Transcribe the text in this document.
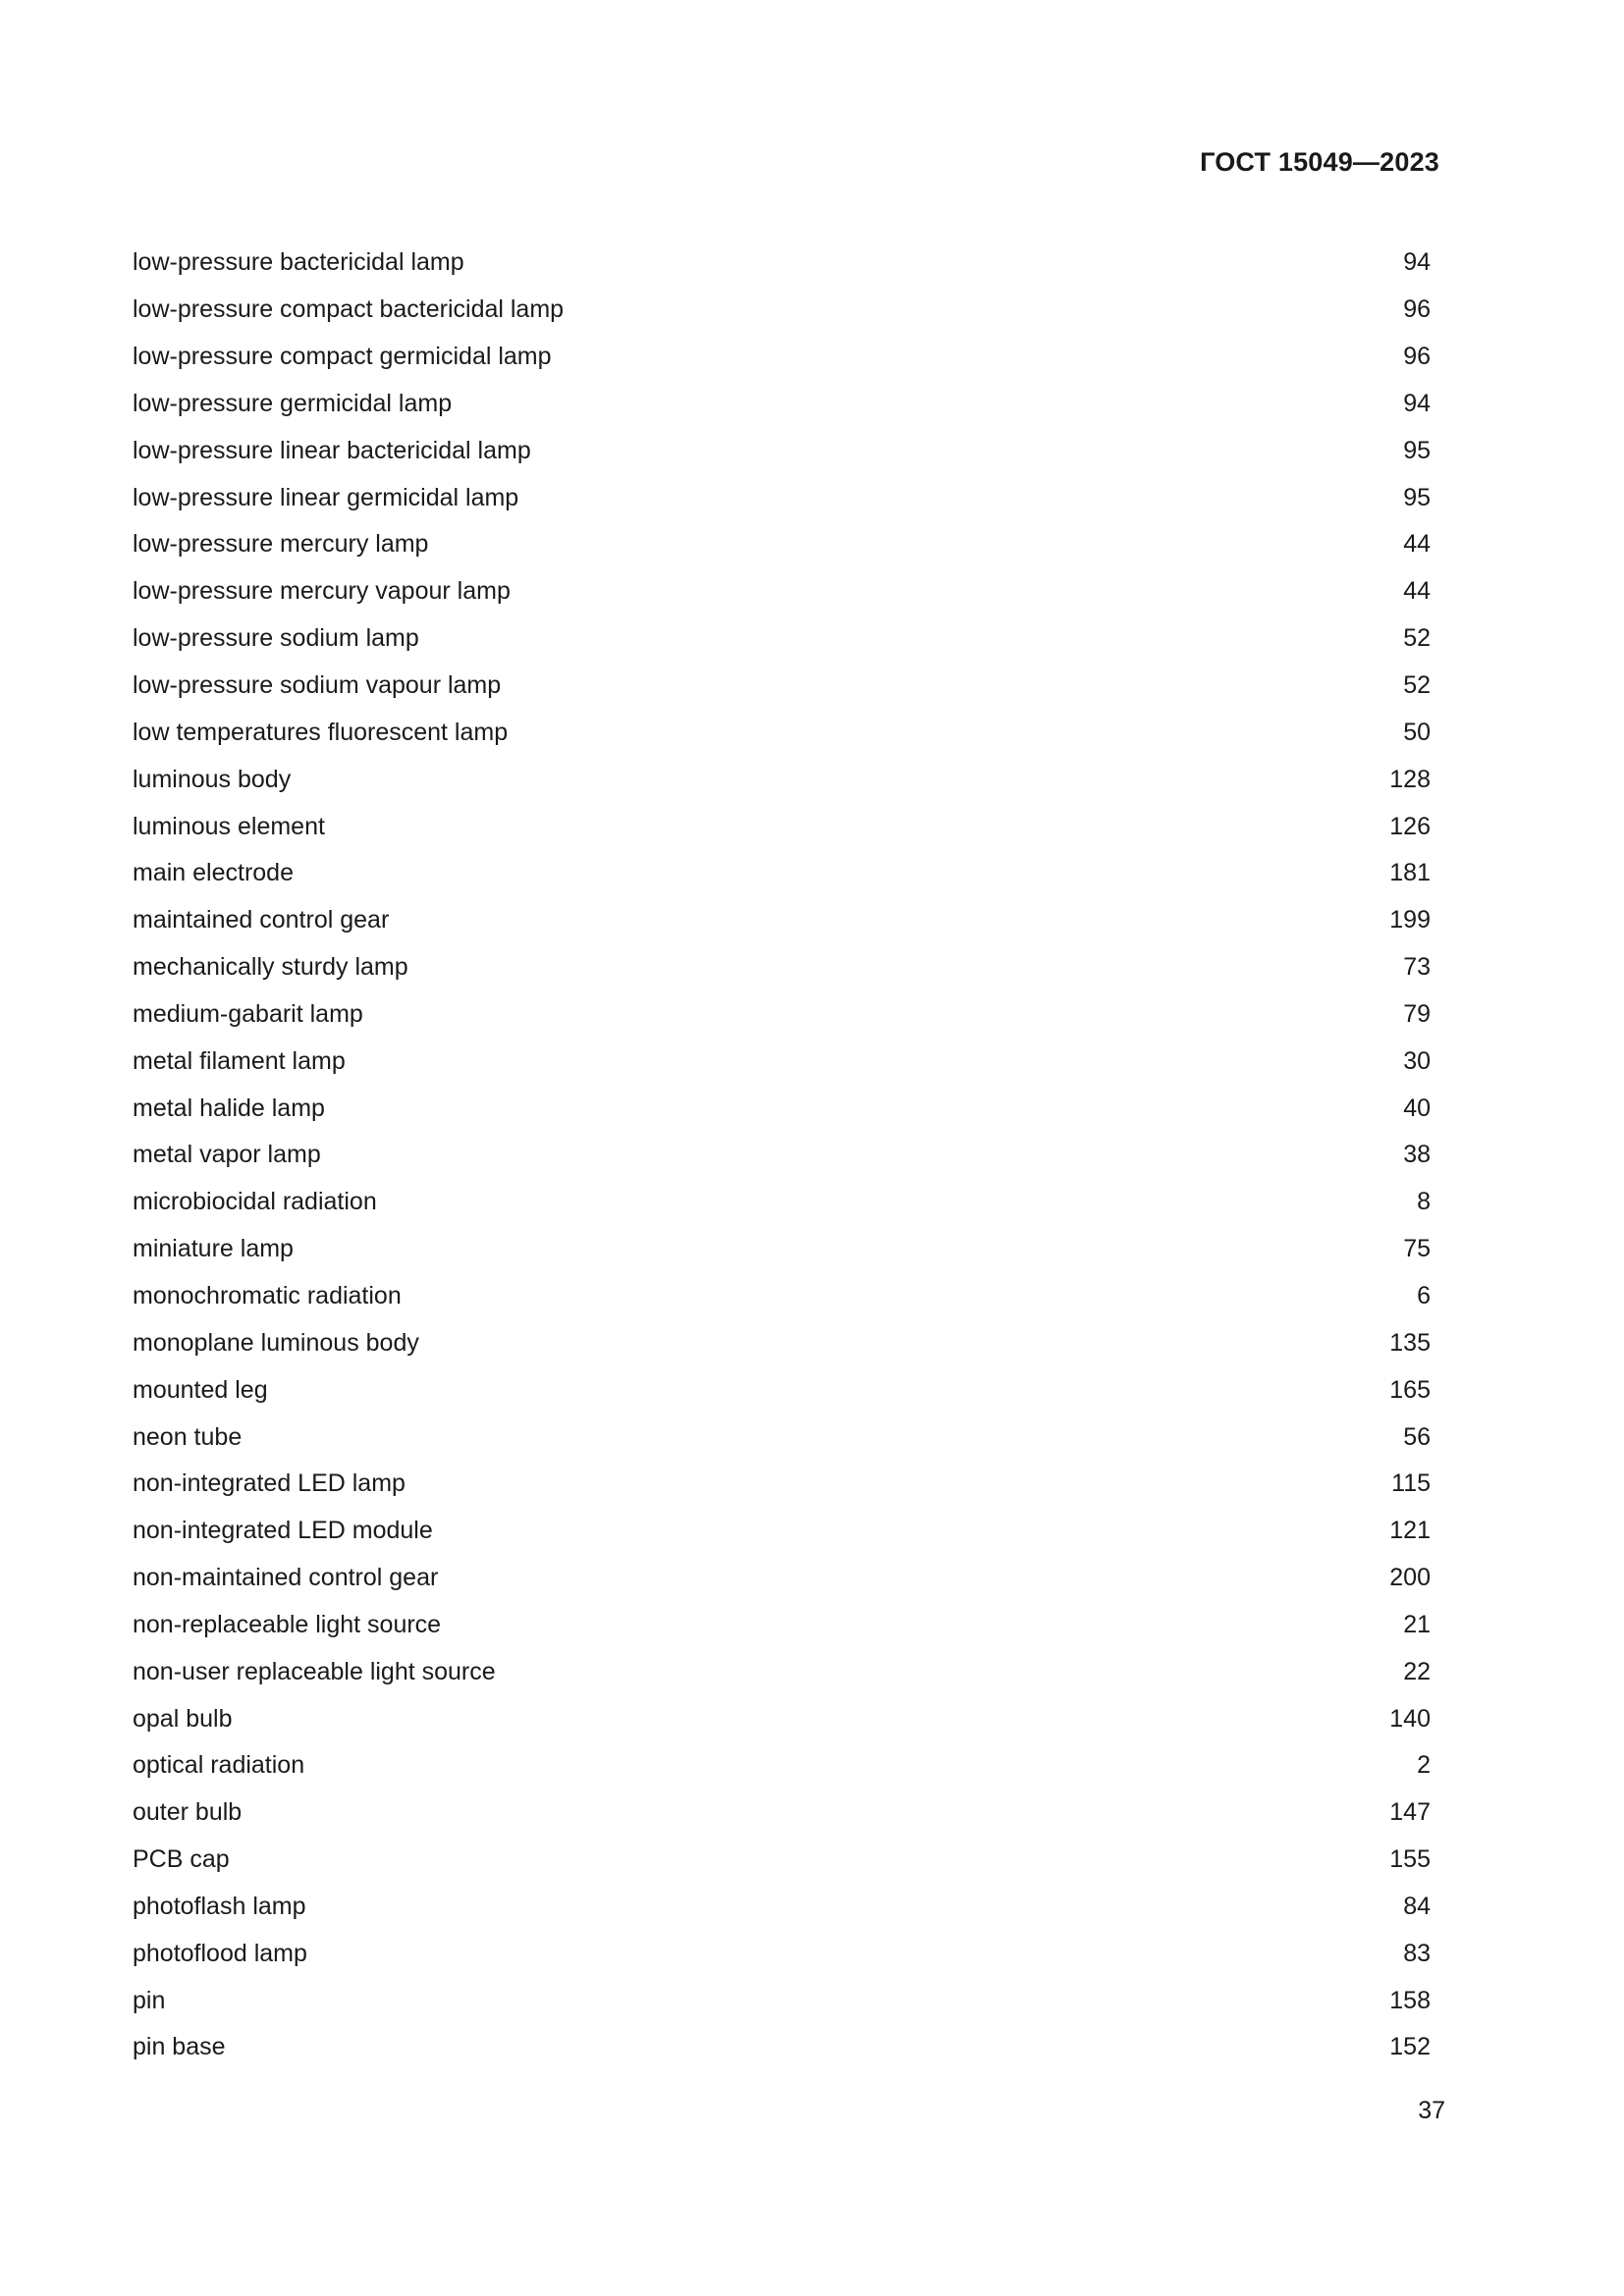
ГОСТ 15049—2023
low-pressure bactericidal lamp	94
low-pressure compact bactericidal lamp	96
low-pressure compact germicidal lamp	96
low-pressure germicidal lamp	94
low-pressure linear bactericidal lamp	95
low-pressure linear germicidal lamp	95
low-pressure mercury lamp	44
low-pressure mercury vapour lamp	44
low-pressure sodium lamp	52
low-pressure sodium vapour lamp	52
low temperatures fluorescent lamp	50
luminous body	128
luminous element	126
main electrode	181
maintained control gear	199
mechanically sturdy lamp	73
medium-gabarit lamp	79
metal filament lamp	30
metal halide lamp	40
metal vapor lamp	38
microbiocidal radiation	8
miniature lamp	75
monochromatic radiation	6
monoplane luminous body	135
mounted leg	165
neon tube	56
non-integrated LED lamp	115
non-integrated LED module	121
non-maintained control gear	200
non-replaceable light source	21
non-user replaceable light source	22
opal bulb	140
optical radiation	2
outer bulb	147
PCB cap	155
photoflash lamp	84
photoflood lamp	83
pin	158
pin base	152
37
